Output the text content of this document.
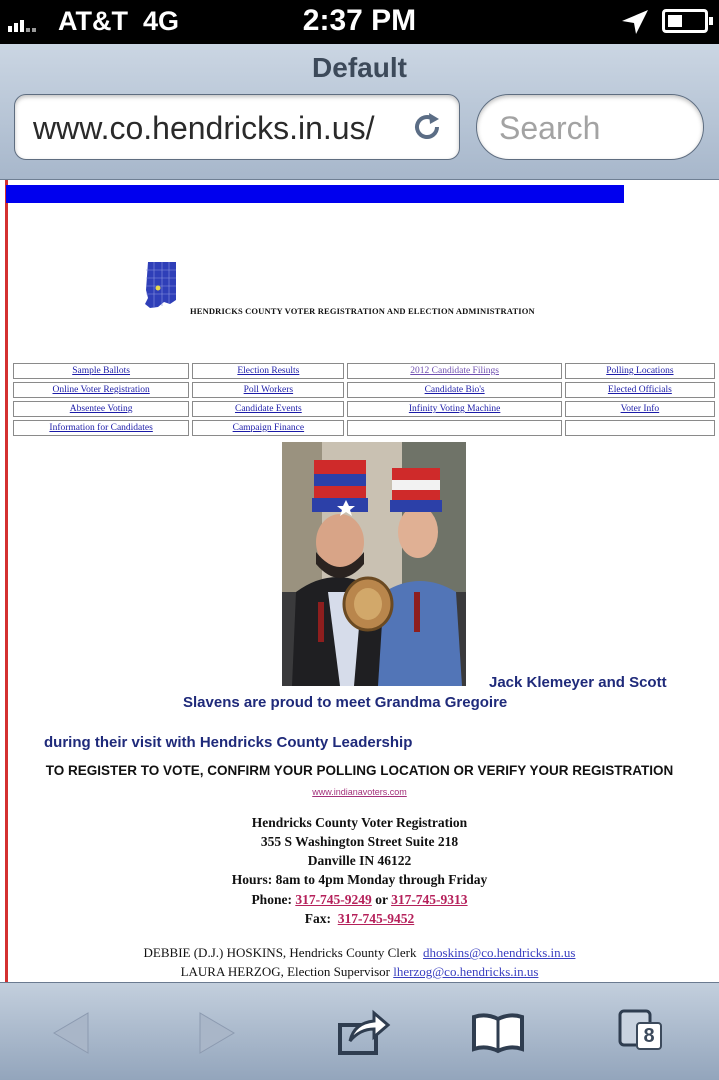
AT&T 4G	2:37 PM
Default
www.co.hendricks.in.us/	Search
HENDRICKS COUNTY VOTER REGISTRATION AND ELECTION ADMINISTRATION
Sample Ballots	Election Results	2012 Candidate Filings	Polling Locations
Online Voter Registration	Poll Workers	Candidate Bio's	Elected Officials
Absentee Voting	Candidate Events	Infinity Voting Machine	Voter Info
Information for Candidates	Campaign Finance		
Jack Klemeyer and Scott
Slavens are proud to meet Grandma Gregoire
during their visit with Hendricks County Leadership
TO REGISTER TO VOTE, CONFIRM YOUR POLLING LOCATION OR VERIFY YOUR REGISTRATION
www.indianavoters.com
Hendricks County Voter Registration
355 S Washington Street Suite 218
Danville IN 46122
Hours: 8am to 4pm Monday through Friday
Phone: 317-745-9249 or 317-745-9313
Fax: 317-745-9452
DEBBIE (D.J.) HOSKINS, Hendricks County Clerk dhoskins@co.hendricks.in.us
LAURA HERZOG, Election Supervisor lherzog@co.hendricks.in.us
8
